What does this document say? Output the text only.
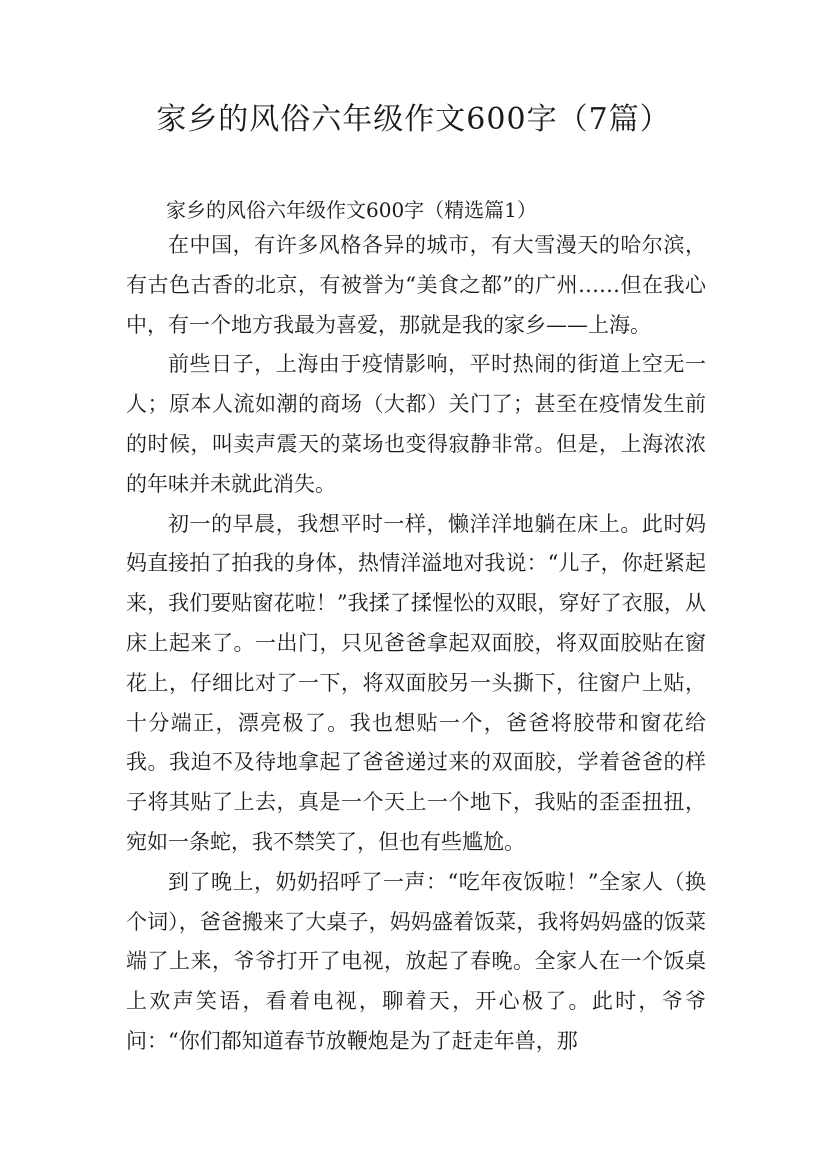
家乡的风俗六年级作文600字（7篇）

家乡的风俗六年级作文600字（精选篇1）

在中国，有许多风格各异的城市，有大雪漫天的哈尔滨，有古色古香的北京，有被誉为“美食之都”的广州……但在我心中，有一个地方我最为喜爱，那就是我的家乡——上海。

前些日子，上海由于疫情影响，平时热闹的街道上空无一人；原本人流如潮的商场（大都）关门了；甚至在疫情发生前的时候，叫卖声震天的菜场也变得寂静非常。但是，上海浓浓的年味并未就此消失。

初一的早晨，我想平时一样，懒洋洋地躺在床上。此时妈妈直接拍了拍我的身体，热情洋溢地对我说：“儿子，你赶紧起来，我们要贴窗花啦！”我揉了揉惺忪的双眼，穿好了衣服，从床上起来了。一出门，只见爸爸拿起双面胶，将双面胶贴在窗花上，仔细比对了一下，将双面胶另一头撕下，往窗户上贴，十分端正，漂亮极了。我也想贴一个，爸爸将胶带和窗花给我。我迫不及待地拿起了爸爸递过来的双面胶，学着爸爸的样子将其贴了上去，真是一个天上一个地下，我贴的歪歪扭扭，宛如一条蛇，我不禁笑了，但也有些尴尬。

到了晚上，奶奶招呼了一声：“吃年夜饭啦！”全家人（换个词），爸爸搬来了大桌子，妈妈盛着饭菜，我将妈妈盛的饭菜端了上来，爷爷打开了电视，放起了春晚。全家人在一个饭桌上欢声笑语，看着电视，聊着天，开心极了。此时，爷爷问：“你们都知道春节放鞭炮是为了赶走年兽，那
